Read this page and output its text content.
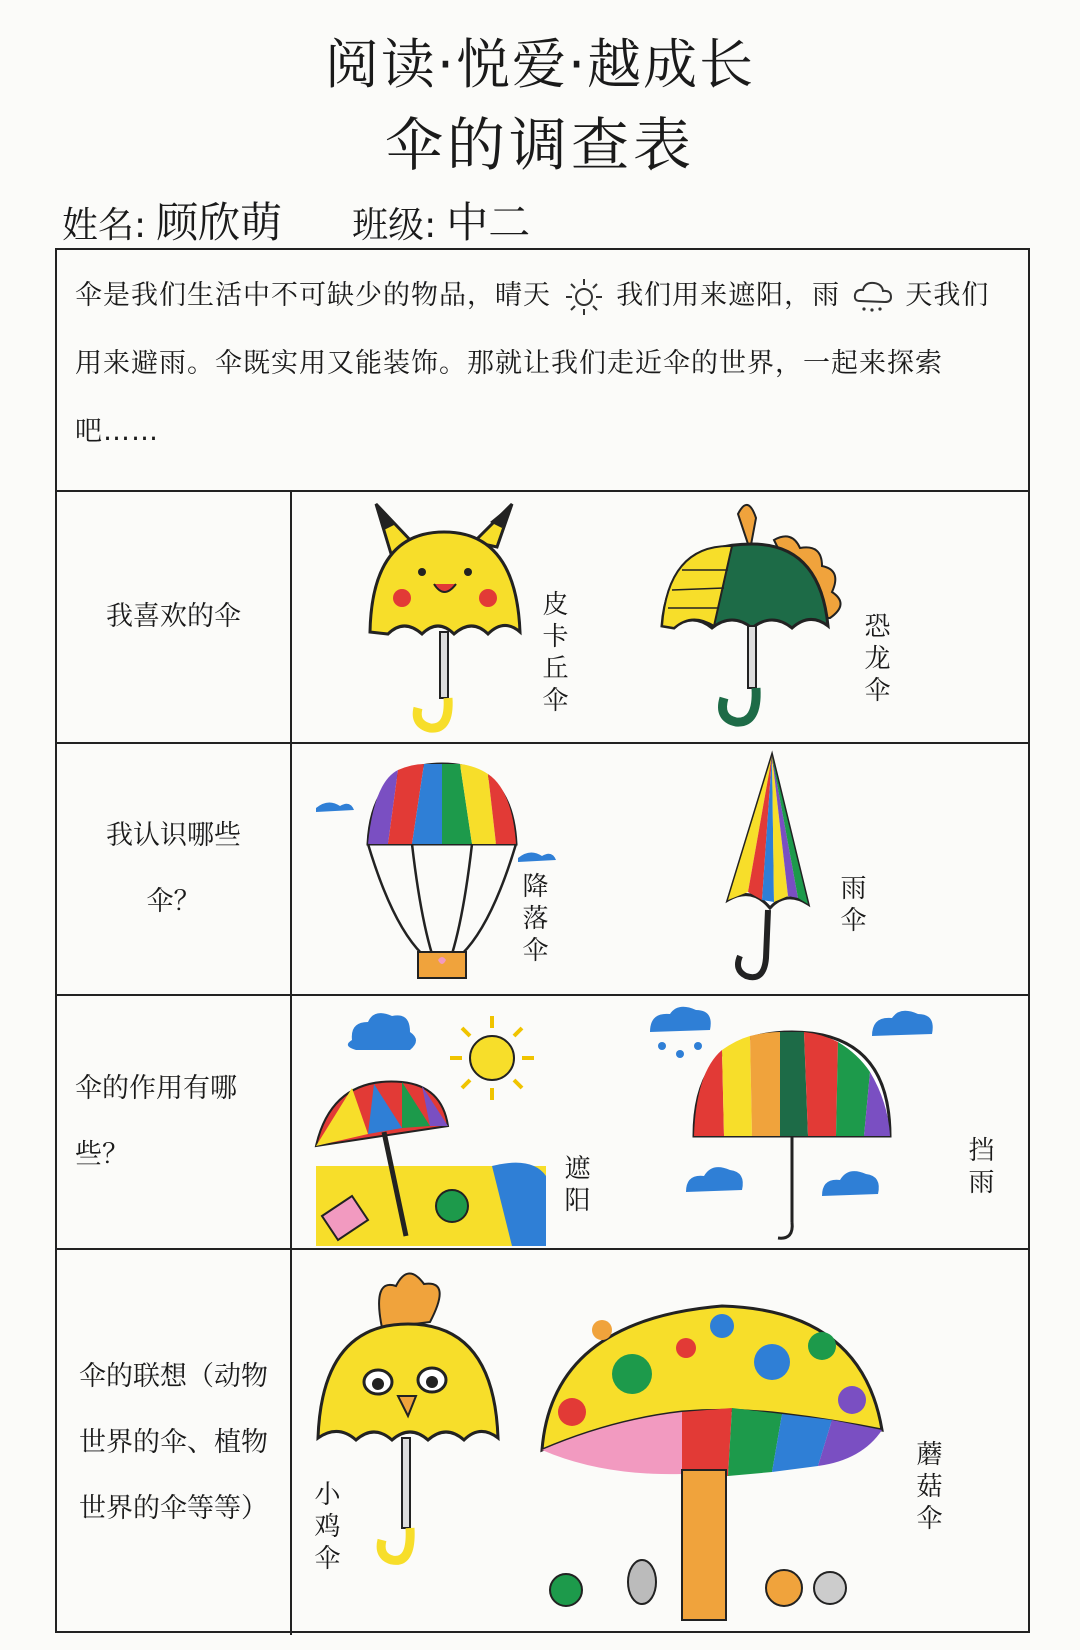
阅读·悦爱·越成长
伞的调查表
姓名: 顾欣萌 班级: 中二
伞是我们生活中不可缺少的物品，晴天 我们用来遮阳，雨 天我们用来避雨。伞既实用又能装饰。那就让我们走近伞的世界，一起来探索吧……
我喜欢的伞	皮卡丘伞	恐龙伞
我认识哪些伞？	降落伞	雨伞
伞的作用有哪些？	遮阳	挡雨
伞的联想（动物世界的伞、植物世界的伞等等）	小鸡伞	蘑菇伞
